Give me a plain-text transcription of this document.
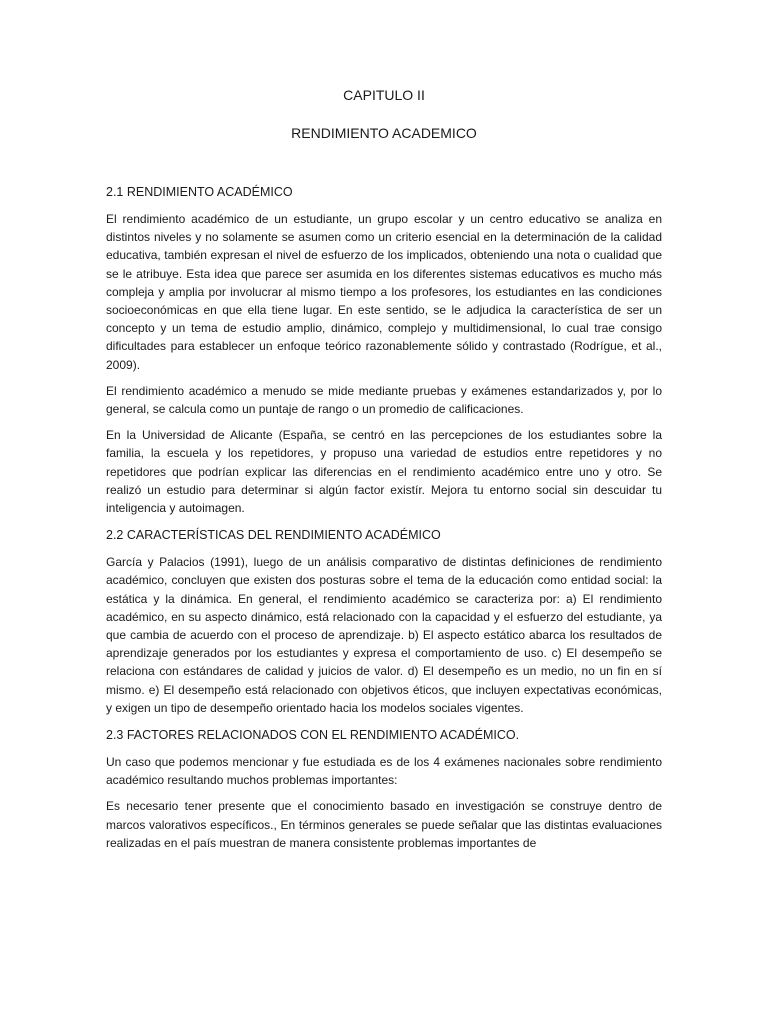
CAPITULO II
RENDIMIENTO ACADEMICO
2.1 RENDIMIENTO ACADÉMICO

El rendimiento académico de un estudiante, un grupo escolar y un centro educativo se analiza en distintos niveles y no solamente se asumen como un criterio esencial en la determinación de la calidad educativa, también expresan el nivel de esfuerzo de los implicados, obteniendo una nota o cualidad que se le atribuye. Esta idea que parece ser asumida en los diferentes sistemas educativos es mucho más compleja y amplia por involucrar al mismo tiempo a los profesores, los estudiantes en las condiciones socioeconómicas en que ella tiene lugar. En este sentido, se le adjudica la característica de ser un concepto y un tema de estudio amplio, dinámico, complejo y multidimensional, lo cual trae consigo dificultades para establecer un enfoque teórico razonablemente sólido y contrastado (Rodrígue, et al., 2009).

El rendimiento académico a menudo se mide mediante pruebas y exámenes estandarizados y, por lo general, se calcula como un puntaje de rango o un promedio de calificaciones.

En la Universidad de Alicante (España, se centró en las percepciones de los estudiantes sobre la familia, la escuela y los repetidores, y propuso una variedad de estudios entre repetidores y no repetidores que podrían explicar las diferencias en el rendimiento académico entre uno y otro. Se realizó un estudio para determinar si algún factor existír. Mejora tu entorno social sin descuidar tu inteligencia y autoimagen.

2.2 CARACTERÍSTICAS DEL RENDIMIENTO ACADÉMICO

García y Palacios (1991), luego de un análisis comparativo de distintas definiciones de rendimiento académico, concluyen que existen dos posturas sobre el tema de la educación como entidad social: la estática y la dinámica. En general, el rendimiento académico se caracteriza por: a) El rendimiento académico, en su aspecto dinámico, está relacionado con la capacidad y el esfuerzo del estudiante, ya que cambia de acuerdo con el proceso de aprendizaje. b) El aspecto estático abarca los resultados de aprendizaje generados por los estudiantes y expresa el comportamiento de uso. c) El desempeño se relaciona con estándares de calidad y juicios de valor. d) El desempeño es un medio, no un fin en sí mismo. e) El desempeño está relacionado con objetivos éticos, que incluyen expectativas económicas, y exigen un tipo de desempeño orientado hacia los modelos sociales vigentes.

2.3 FACTORES RELACIONADOS CON EL RENDIMIENTO ACADÉMICO.

Un caso que podemos mencionar y fue estudiada es de los 4 exámenes nacionales sobre rendimiento académico resultando muchos problemas importantes:

Es necesario tener presente que el conocimiento basado en investigación se construye dentro de marcos valorativos específicos., En términos generales se puede señalar que las distintas evaluaciones realizadas en el país muestran de manera consistente problemas importantes de
